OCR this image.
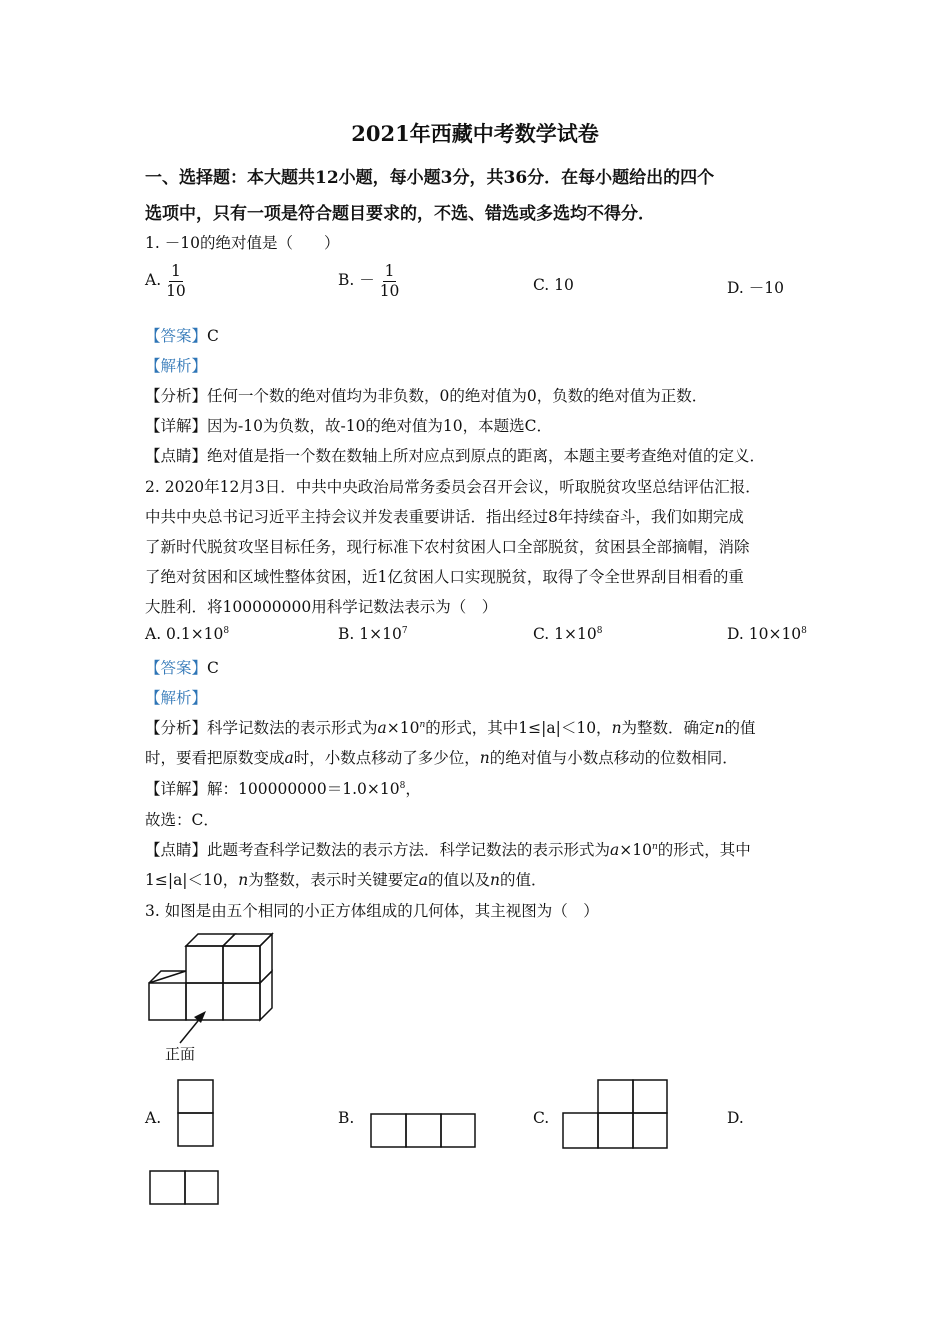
2021年西藏中考数学试卷
一、选择题：本大题共12小题，每小题3分，共36分．在每小题给出的四个
选项中，只有一项是符合题目要求的，不选、错选或多选均不得分．
1. －10的绝对值是（　　）
A. $\frac{1}{10}$	B. － $\frac{1}{10}$	C. 10	D. －10
【答案】C
【解析】
【分析】任何一个数的绝对值均为非负数，0的绝对值为0，负数的绝对值为正数．
【详解】因为-10为负数，故-10的绝对值为10，本题选C．
【点睛】绝对值是指一个数在数轴上所对应点到原点的距离，本题主要考查绝对值的定义．
2. 2020年12月3日．中共中央政治局常务委员会召开会议，听取脱贫攻坚总结评估汇报．
中共中央总书记习近平主持会议并发表重要讲话．指出经过8年持续奋斗，我们如期完成
了新时代脱贫攻坚目标任务，现行标准下农村贫困人口全部脱贫，贫困县全部摘帽，消除
了绝对贫困和区域性整体贫困，近1亿贫困人口实现脱贫，取得了令全世界刮目相看的重
大胜利．将100000000用科学记数法表示为（　）
A. $0.1\times 10^8$	B. $1\times 10^7$	C. $1\times 10^8$	D. $10\times 10^8$
【答案】C
【解析】
【分析】科学记数法的表示形式为$a\times 10^n$的形式，其中1≤|a|＜10，n为整数．确定n的值
时，要看把原数变成a时，小数点移动了多少位，n的绝对值与小数点移动的位数相同．
【详解】解：$100000000=1.0\times 10^8$，
故选：C．
【点睛】此题考查科学记数法的表示方法．科学记数法的表示形式为$a\times 10^n$的形式，其中
1≤|a|＜10，n为整数，表示时关键要定a的值以及n的值．
3. 如图是由五个相同的小正方体组成的几何体，其主视图为（　）
正面
A.	B.	C.	D.
